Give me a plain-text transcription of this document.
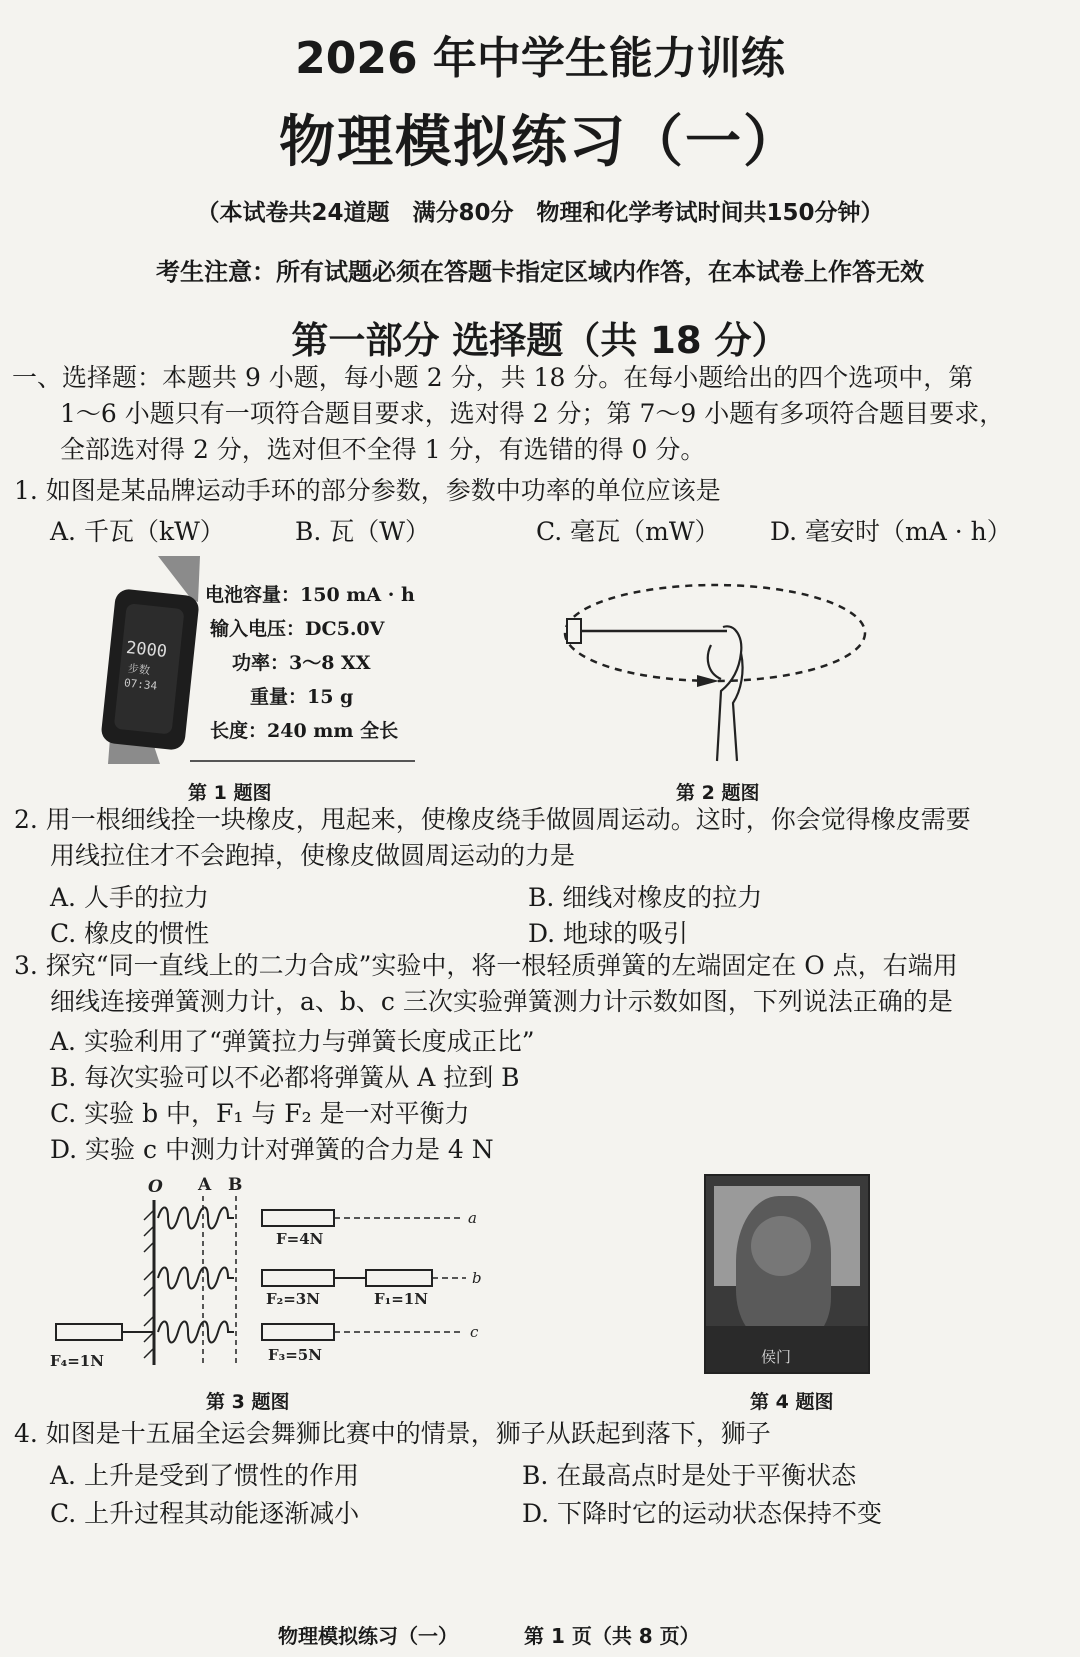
2026 年中学生能力训练
物理模拟练习（一）
（本试卷共24道题　满分80分　物理和化学考试时间共150分钟）
考生注意：所有试题必须在答题卡指定区域内作答，在本试卷上作答无效
第一部分 选择题（共 18 分）
一、选择题：本题共 9 小题，每小题 2 分，共 18 分。在每小题给出的四个选项中，第
1～6 小题只有一项符合题目要求，选对得 2 分；第 7～9 小题有多项符合题目要求，
全部选对得 2 分，选对但不全得 1 分，有选错的得 0 分。
1. 如图是某品牌运动手环的部分参数，参数中功率的单位应该是
A. 千瓦（kW）	B. 瓦（W）	C. 毫瓦（mW） D. 毫安时（mA · h）
2000
步数
07:34
电池容量：150 mA · h
输入电压：DC5.0V
功率：3～8 XX
重量：15 g
长度：240 mm 全长
第 1 题图	第 2 题图
2. 用一根细线拴一块橡皮，甩起来，使橡皮绕手做圆周运动。这时，你会觉得橡皮需要
用线拉住才不会跑掉，使橡皮做圆周运动的力是
A. 人手的拉力	B. 细线对橡皮的拉力
C. 橡皮的惯性	D. 地球的吸引
3. 探究“同一直线上的二力合成”实验中，将一根轻质弹簧的左端固定在 O 点，右端用
细线连接弹簧测力计，a、b、c 三次实验弹簧测力计示数如图，下列说法正确的是
A. 实验利用了“弹簧拉力与弹簧长度成正比”
B. 每次实验可以不必都将弹簧从 A 拉到 B
C. 实验 b 中，F₁ 与 F₂ 是一对平衡力
D. 实验 c 中测力计对弹簧的合力是 4 N
O A B
a
b
c
F=4N
F₂=3N	F₁=1N
F₃=5N
F₄=1N
第 3 题图
侯门
第 4 题图
4. 如图是十五届全运会舞狮比赛中的情景，狮子从跃起到落下，狮子
A. 上升是受到了惯性的作用	B. 在最高点时是处于平衡状态
C. 上升过程其动能逐渐减小	D. 下降时它的运动状态保持不变
物理模拟练习（一）	第 1 页（共 8 页）
